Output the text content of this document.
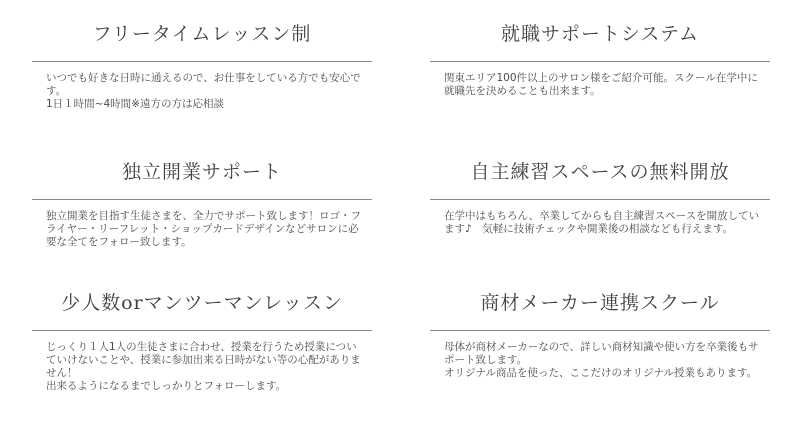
フリータイムレッスン制

いつでも好きな日時に通えるので、お仕事をしている方でも安心です。

1日１時間~4時間※遠方の方は応相談

就職サポートシステム

関東エリア100件以上のサロン様をご紹介可能。スクール在学中に就職先を決めることも出来ます。

独立開業サポート

独立開業を目指す生徒さまを、全力でサポート致します！ロゴ・フライヤー・リーフレット・ショップカードデザインなどサロンに必要な全てをフォロー致します。

自主練習スペースの無料開放

在学中はもちろん、卒業してからも自主練習スペースを開放しています♪　気軽に技術チェックや開業後の相談なども行えます。

少人数orマンツーマンレッスン

じっくり１人1人の生徒さまに合わせ、授業を行うため授業についていけないことや、授業に参加出来る日時がない等の心配がありません！

出来るようになるまでしっかりとフォローします。

商材メーカー連携スクール

母体が商材メーカーなので、詳しい商材知識や使い方を卒業後もサポート致します。

オリジナル商品を使った、ここだけのオリジナル授業もあります。
